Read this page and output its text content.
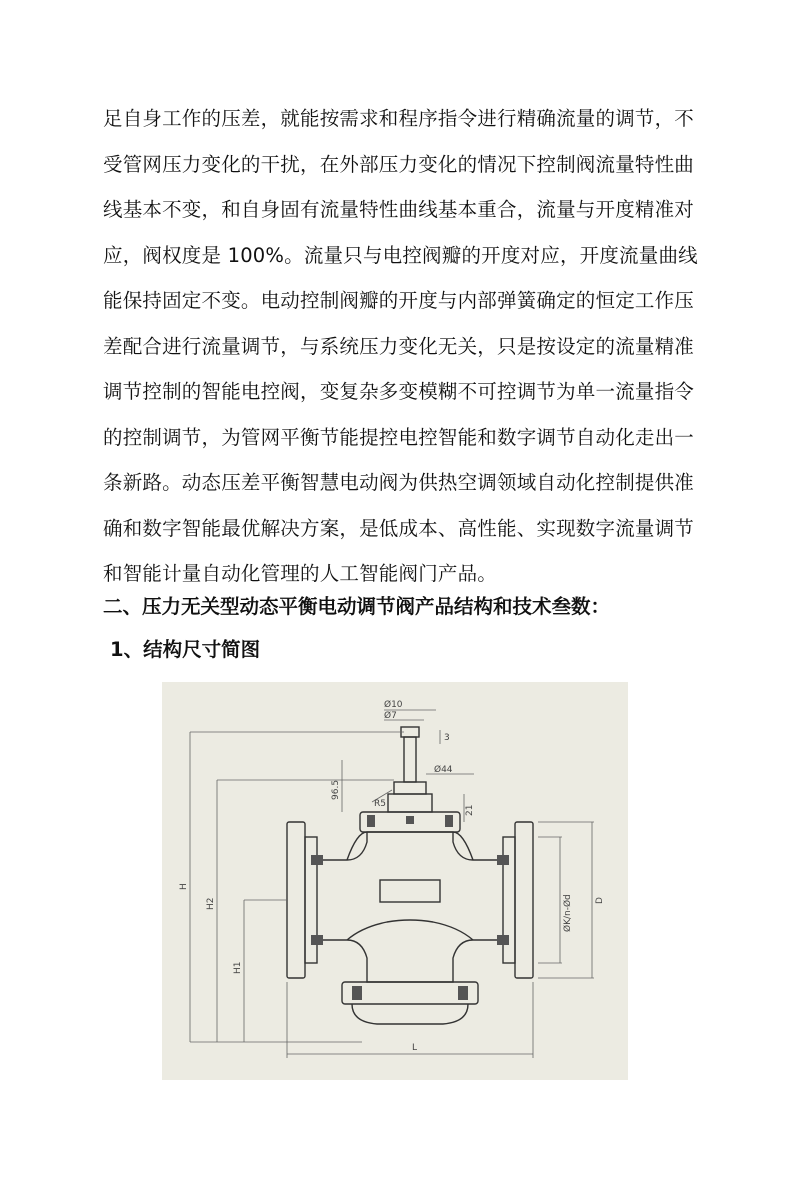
足自身工作的压差，就能按需求和程序指令进行精确流量的调节，不
受管网压力变化的干扰，在外部压力变化的情况下控制阀流量特性曲
线基本不变，和自身固有流量特性曲线基本重合，流量与开度精准对
应，阀权度是 100%。流量只与电控阀瓣的开度对应，开度流量曲线
能保持固定不变。电动控制阀瓣的开度与内部弹簧确定的恒定工作压
差配合进行流量调节，与系统压力变化无关，只是按设定的流量精准
调节控制的智能电控阀，变复杂多变模糊不可控调节为单一流量指令
的控制调节，为管网平衡节能提控电控智能和数字调节自动化走出一
条新路。动态压差平衡智慧电动阀为供热空调领域自动化控制提供准
确和数字智能最优解决方案，是低成本、高性能、实现数字流量调节
和智能计量自动化管理的人工智能阀门产品。
二、压力无关型动态平衡电动调节阀产品结构和技术叁数：
1、结构尺寸简图
Ø10
Ø7
Ø44
R5
3
96.5
21
H
H2
H1
L
ØK/n-Ød D
